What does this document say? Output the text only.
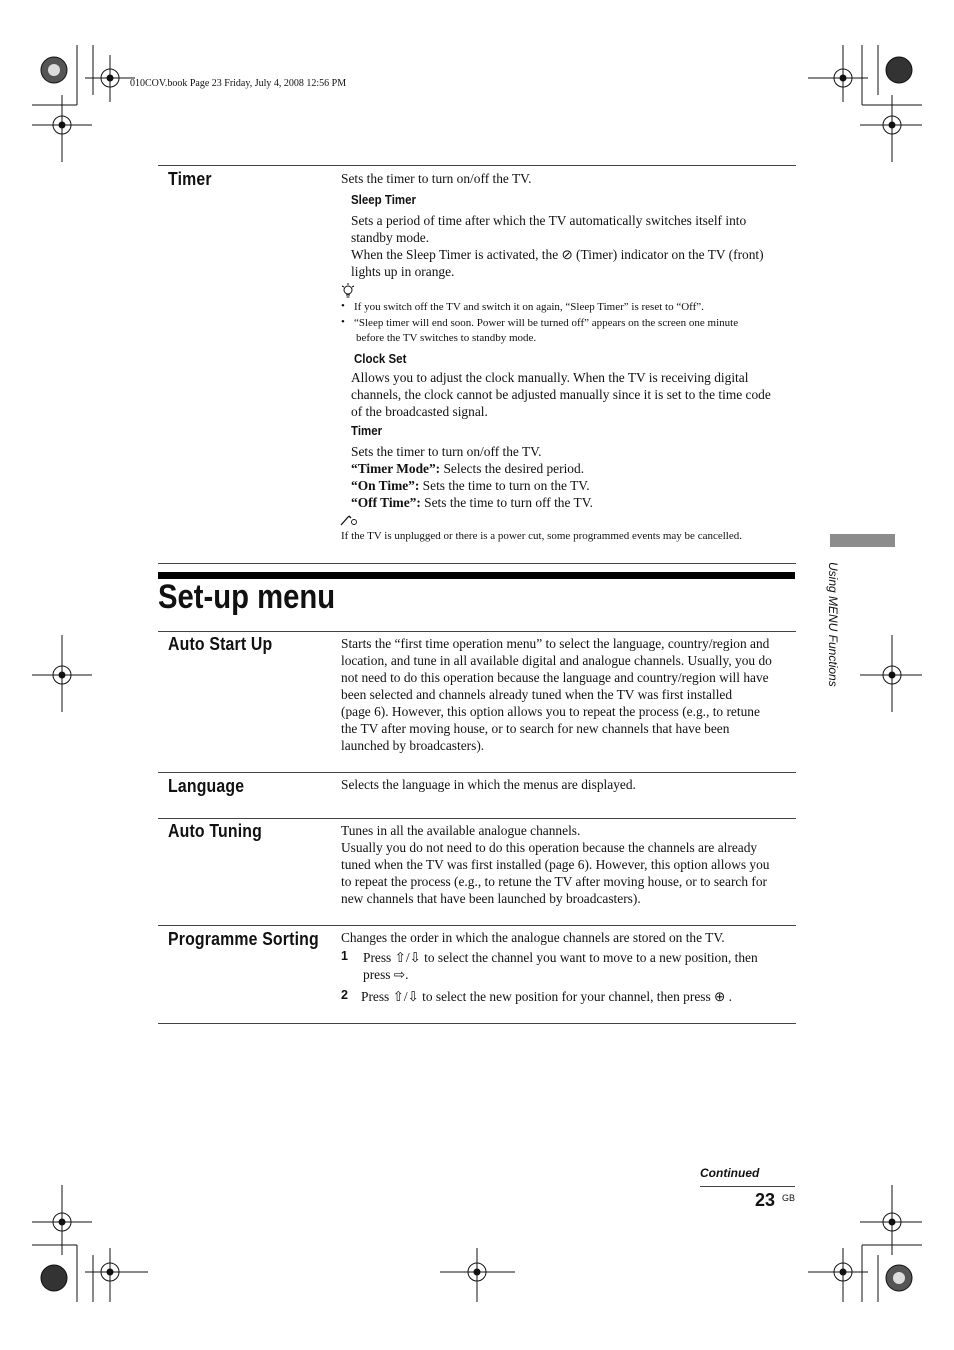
010COV.book Page 23 Friday, July 4, 2008 12:56 PM
Timer	Sets the timer to turn on/off the TV.
Sleep Timer
Sets a period of time after which the TV automatically switches itself into
standby mode.
When the Sleep Timer is activated, the ⊘ (Timer) indicator on the TV (front)
lights up in orange.
• If you switch off the TV and switch it on again, “Sleep Timer” is reset to “Off”.
• “Sleep timer will end soon. Power will be turned off” appears on the screen one minute
before the TV switches to standby mode.
Clock Set
Allows you to adjust the clock manually. When the TV is receiving digital
channels, the clock cannot be adjusted manually since it is set to the time code
of the broadcasted signal.
Timer
Sets the timer to turn on/off the TV.
“Timer Mode”: Selects the desired period.
“On Time”: Sets the time to turn on the TV.
“Off Time”: Sets the time to turn off the TV.
If the TV is unplugged or there is a power cut, some programmed events may be cancelled.
Set-up menu
Auto Start Up	Starts the “first time operation menu” to select the language, country/region and
location, and tune in all available digital and analogue channels. Usually, you do
not need to do this operation because the language and country/region will have
been selected and channels already tuned when the TV was first installed
(page 6). However, this option allows you to repeat the process (e.g., to retune
the TV after moving house, or to search for new channels that have been
launched by broadcasters).
Language	Selects the language in which the menus are displayed.
Auto Tuning	Tunes in all the available analogue channels.
Usually you do not need to do this operation because the channels are already
tuned when the TV was first installed (page 6). However, this option allows you
to repeat the process (e.g., to retune the TV after moving house, or to search for
new channels that have been launched by broadcasters).
Programme Sorting Changes the order in which the analogue channels are stored on the TV.
1 Press ⇧/⇩ to select the channel you want to move to a new position, then
press ⇨.
2 Press ⇧/⇩ to select the new position for your channel, then press ⊕ .
Using MENU Functions
Continued
23 GB
